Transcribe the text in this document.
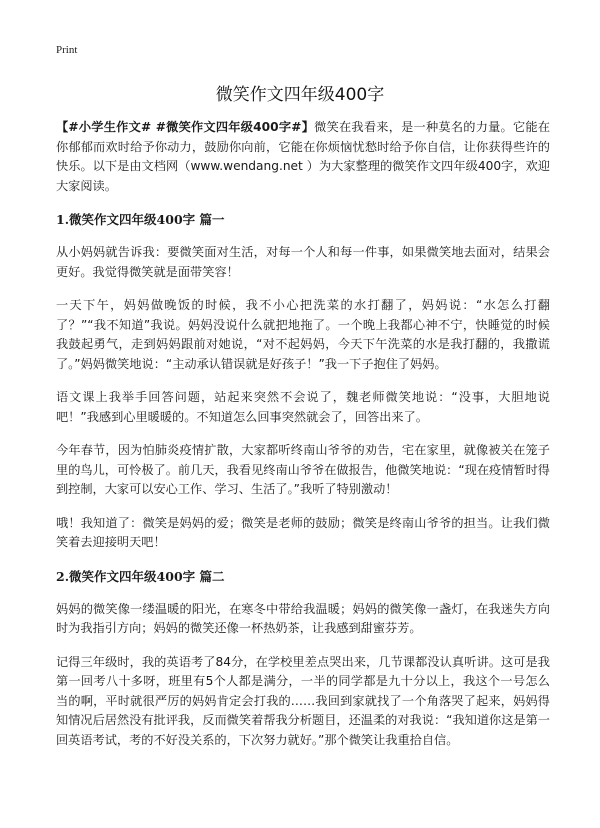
Print
微笑作文四年级400字

【#小学生作文# #微笑作文四年级400字#】微笑在我看来，是一种莫名的力量。它能在你郁郁而欢时给予你动力，鼓励你向前，它能在你烦恼忧愁时给予你自信，让你获得些许的快乐。以下是由文档网（www.wendang.net ）为大家整理的微笑作文四年级400字，欢迎大家阅读。

1.微笑作文四年级400字 篇一

从小妈妈就告诉我：要微笑面对生活，对每一个人和每一件事，如果微笑地去面对，结果会更好。我觉得微笑就是面带笑容！

一天下午，妈妈做晚饭的时候，我不小心把洗菜的水打翻了，妈妈说：“水怎么打翻了？”“我不知道”我说。妈妈没说什么就把地拖了。一个晚上我都心神不宁，快睡觉的时候我鼓起勇气，走到妈妈跟前对她说，“对不起妈妈，今天下午洗菜的水是我打翻的，我撒谎了。”妈妈微笑地说：“主动承认错误就是好孩子！”我一下子抱住了妈妈。

语文课上我举手回答问题，站起来突然不会说了，魏老师微笑地说：“没事，大胆地说吧！”我感到心里暖暖的。不知道怎么回事突然就会了，回答出来了。

今年春节，因为怕肺炎疫情扩散，大家都听终南山爷爷的劝告，宅在家里，就像被关在笼子里的鸟儿，可怜极了。前几天，我看见终南山爷爷在做报告，他微笑地说：“现在疫情暂时得到控制，大家可以安心工作、学习、生活了。”我听了特别激动！

哦！我知道了：微笑是妈妈的爱；微笑是老师的鼓励；微笑是终南山爷爷的担当。让我们微笑着去迎接明天吧！

2.微笑作文四年级400字 篇二

妈妈的微笑像一缕温暖的阳光，在寒冬中带给我温暖；妈妈的微笑像一盏灯，在我迷失方向时为我指引方向；妈妈的微笑还像一杯热奶茶，让我感到甜蜜芬芳。

记得三年级时，我的英语考了84分，在学校里差点哭出来，几节课都没认真听讲。这可是我第一回考八十多呀，班里有5个人都是满分，一半的同学都是九十分以上，我这个一号怎么当的啊，平时就很严厉的妈妈肯定会打我的……我回到家就找了一个角落哭了起来，妈妈得知情况后居然没有批评我，反而微笑着帮我分析题目，还温柔的对我说：“我知道你这是第一回英语考试，考的不好没关系的，下次努力就好。”那个微笑让我重拾自信。
